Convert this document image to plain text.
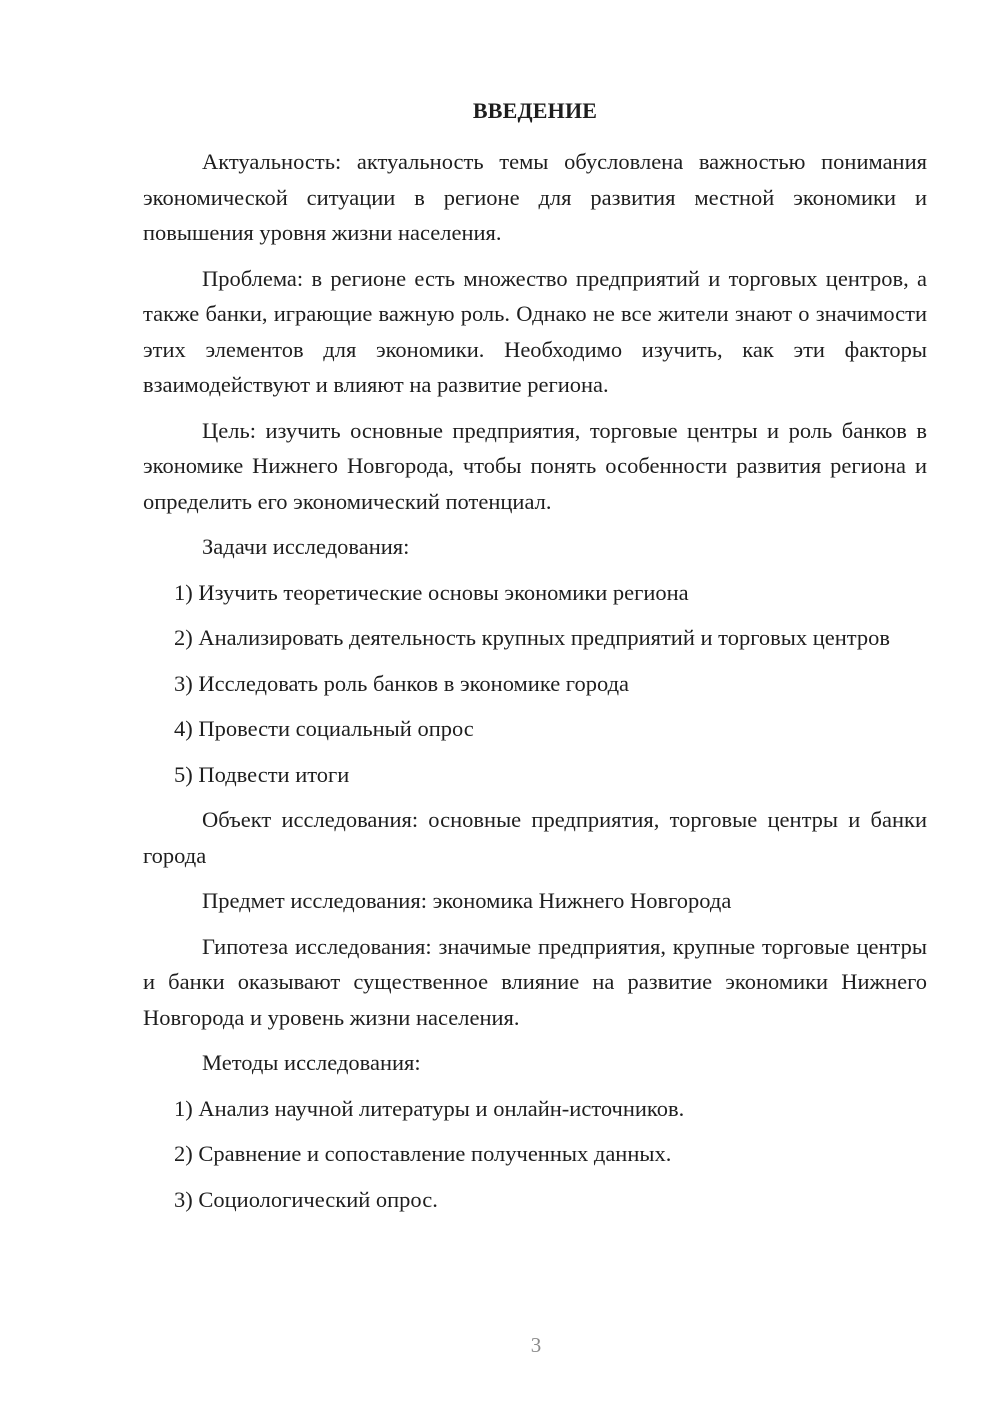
ВВЕДЕНИЕ

Актуальность: актуальность темы обусловлена важностью понимания экономической ситуации в регионе для развития местной экономики и повышения уровня жизни населения.

Проблема: в регионе есть множество предприятий и торговых центров, а также банки, играющие важную роль. Однако не все жители знают о значимости этих элементов для экономики. Необходимо изучить, как эти факторы взаимодействуют и влияют на развитие региона.

Цель: изучить основные предприятия, торговые центры и роль банков в экономике Нижнего Новгорода, чтобы понять особенности развития региона и определить его экономический потенциал.

Задачи исследования:

1) Изучить теоретические основы экономики региона

2) Анализировать деятельность крупных предприятий и торговых центров

3) Исследовать роль банков в экономике города

4) Провести социальный опрос

5) Подвести итоги

Объект исследования: основные предприятия, торговые центры и банки города

Предмет исследования: экономика Нижнего Новгорода

Гипотеза исследования: значимые предприятия, крупные торговые центры и банки оказывают существенное влияние на развитие экономики Нижнего Новгорода и уровень жизни населения.

Методы исследования:

1) Анализ научной литературы и онлайн-источников.

2) Сравнение и сопоставление полученных данных.

3) Социологический опрос.

3
